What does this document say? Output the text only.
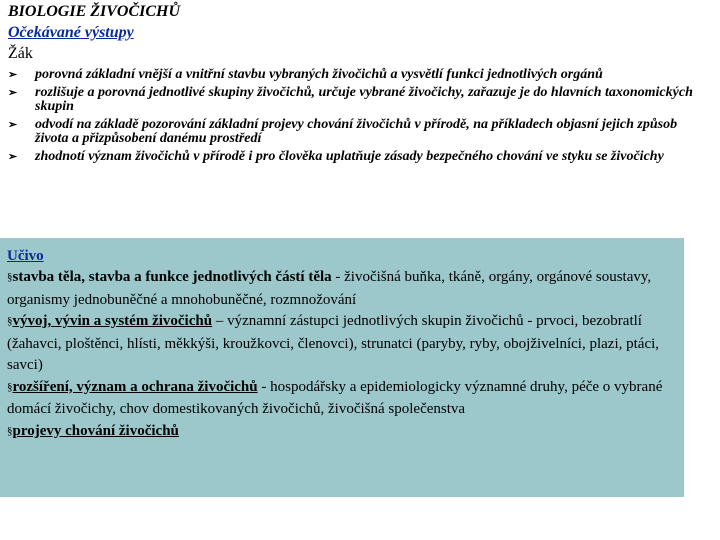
BIOLOGIE ŽIVOČICHŮ
Očekávané výstupy
Žák
➢ porovná základní vnější a vnitřní stavbu vybraných živočichů a vysvětlí funkci jednotlivých orgánů
➢ rozlišuje a porovná jednotlivé skupiny živočichů, určuje vybrané živočichy, zařazuje je do hlavních taxonomických skupin
➢ odvodí na základě pozorování základní projevy chování živočichů v přírodě, na příkladech objasní jejich způsob života a přizpůsobení danému prostředí
➢ zhodnotí význam živočichů v přírodě i pro člověka uplatňuje zásady bezpečného chování ve styku se živočichy

Učivo

§stavba těla, stavba a funkce jednotlivých částí těla - živočišná buňka, tkáně, orgány, orgánové soustavy, organismy jednobuněčné a mnohobuněčné, rozmnožování
§vývoj, vývin a systém živočichů – významní zástupci jednotlivých skupin živočichů - prvoci, bezobratlí (žahavci, ploštěnci, hlísti, měkkýši, kroužkovci, členovci), strunatci (paryby, ryby, obojživelníci, plazi, ptáci, savci)
§rozšíření, význam a ochrana živočichů - hospodářsky a epidemiologicky významné druhy, péče o vybrané domácí živočichy, chov domestikovaných živočichů, živočišná společenstva
§projevy chování živočichů
